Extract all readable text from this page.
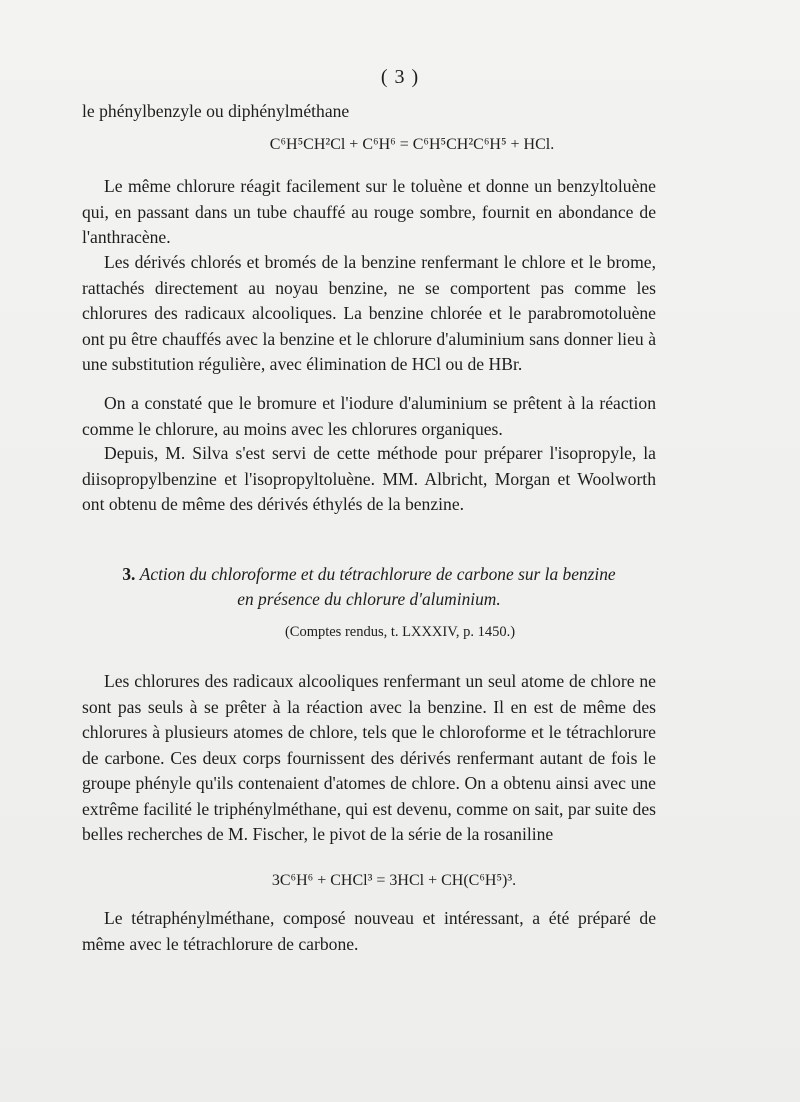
( 3 )
le phénylbenzyle ou diphénylméthane
C⁶H⁵CH²Cl + C⁶H⁶ = C⁶H⁵CH²C⁶H⁵ + HCl.
Le même chlorure réagit facilement sur le toluène et donne un benzyltoluène qui, en passant dans un tube chauffé au rouge sombre, fournit en abondance de l'anthracène.
Les dérivés chlorés et bromés de la benzine renfermant le chlore et le brome, rattachés directement au noyau benzine, ne se comportent pas comme les chlorures des radicaux alcooliques. La benzine chlorée et le parabromotoluène ont pu être chauffés avec la benzine et le chlorure d'aluminium sans donner lieu à une substitution régulière, avec élimination de HCl ou de HBr.
On a constaté que le bromure et l'iodure d'aluminium se prêtent à la réaction comme le chlorure, au moins avec les chlorures organiques.
Depuis, M. Silva s'est servi de cette méthode pour préparer l'isopropyle, la diisopropylbenzine et l'isopropyltoluène. MM. Albricht, Morgan et Woolworth ont obtenu de même des dérivés éthylés de la benzine.
3. Action du chloroforme et du tétrachlorure de carbone sur la benzine
en présence du chlorure d'aluminium.
(Comptes rendus, t. LXXXIV, p. 1450.)
Les chlorures des radicaux alcooliques renfermant un seul atome de chlore ne sont pas seuls à se prêter à la réaction avec la benzine. Il en est de même des chlorures à plusieurs atomes de chlore, tels que le chloroforme et le tétrachlorure de carbone. Ces deux corps fournissent des dérivés renfermant autant de fois le groupe phényle qu'ils contenaient d'atomes de chlore. On a obtenu ainsi avec une extrême facilité le triphénylméthane, qui est devenu, comme on sait, par suite des belles recherches de M. Fischer, le pivot de la série de la rosaniline
3C⁶H⁶ + CHCl³ = 3HCl + CH(C⁶H⁵)³.
Le tétraphénylméthane, composé nouveau et intéressant, a été préparé de même avec le tétrachlorure de carbone.
